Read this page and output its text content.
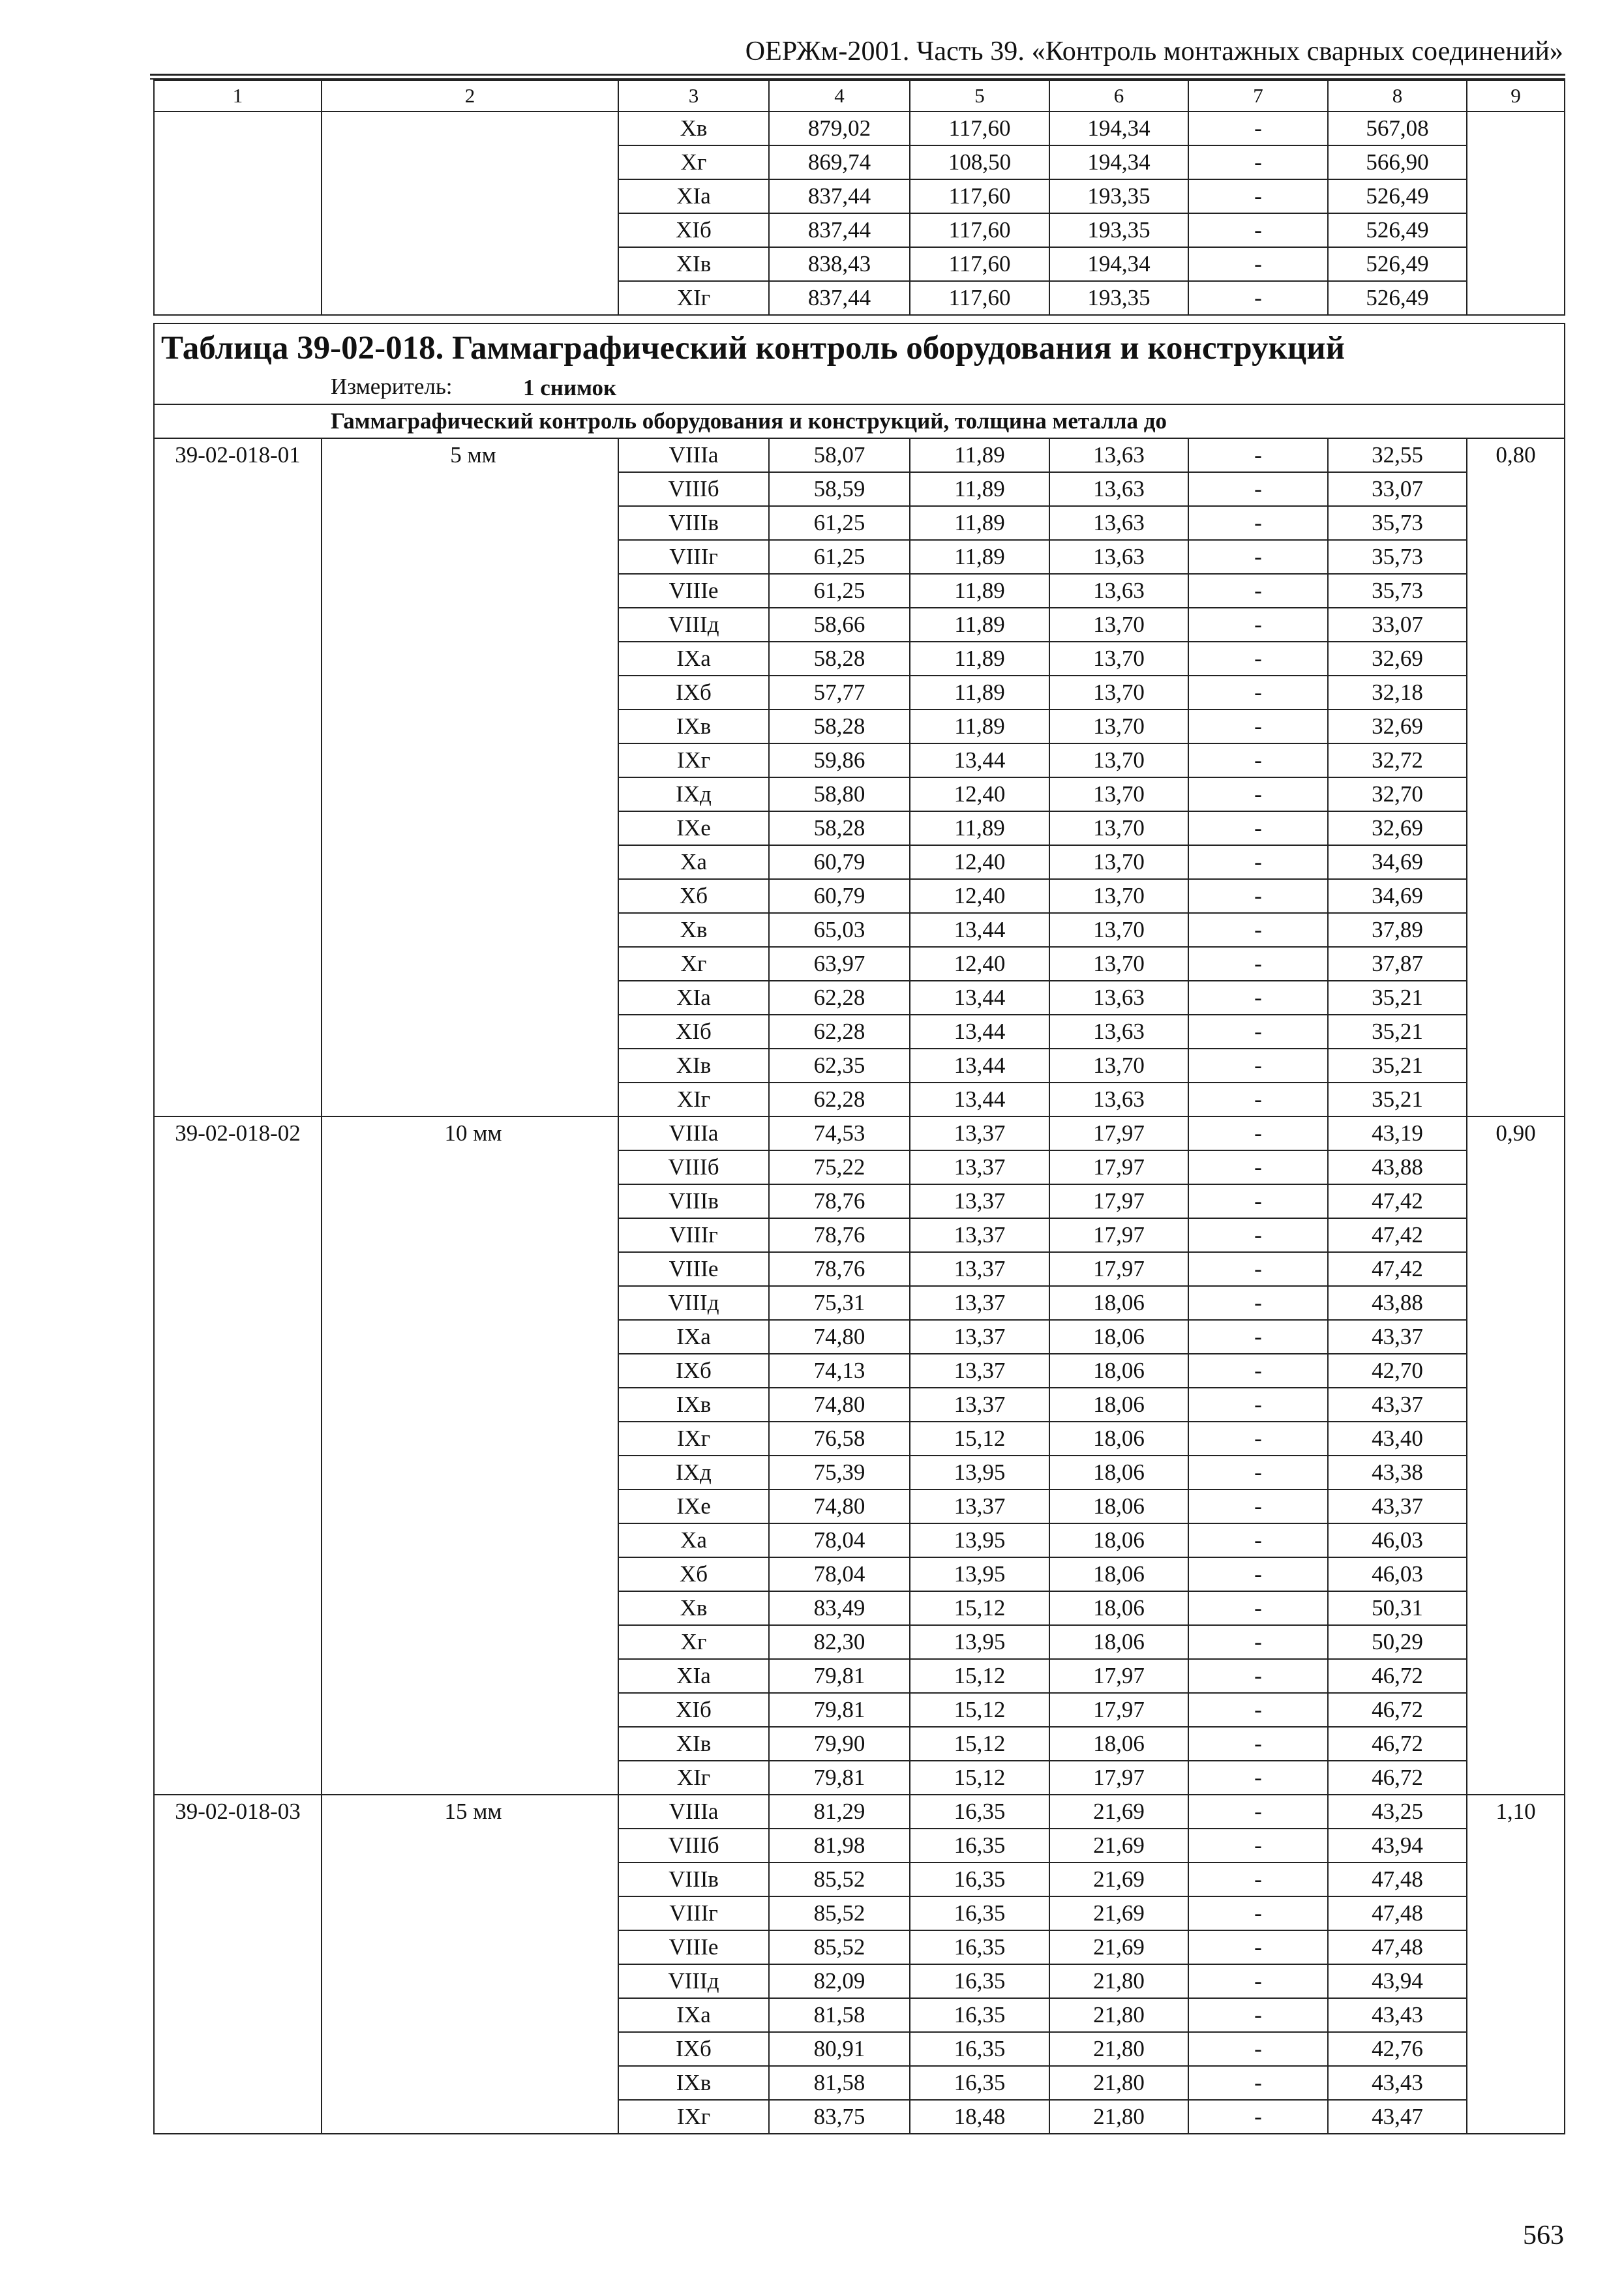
ОЕРЖм-2001. Часть 39. «Контроль монтажных сварных соединений»
1	2	3	4	5	6	7	8	9
		Xв	879,02	117,60	194,34	-	567,08	
		Xг	869,74	108,50	194,34	-	566,90	
		XIа	837,44	117,60	193,35	-	526,49	
		XIб	837,44	117,60	193,35	-	526,49	
		XIв	838,43	117,60	194,34	-	526,49	
		XIг	837,44	117,60	193,35	-	526,49	
Таблица 39-02-018. Гаммаграфический контроль оборудования и конструкций
Измеритель: 1 снимок								

Гаммаграфический контроль оборудования и конструкций, толщина металла до								
39-02-018-01	5 мм	VIIIа	58,07	11,89	13,63	-	32,55	0,80
		VIIIб	58,59	11,89	13,63	-	33,07	
		VIIIв	61,25	11,89	13,63	-	35,73	
		VIIIг	61,25	11,89	13,63	-	35,73	
		VIIIе	61,25	11,89	13,63	-	35,73	
		VIIIд	58,66	11,89	13,70	-	33,07	
		IXа	58,28	11,89	13,70	-	32,69	
		IXб	57,77	11,89	13,70	-	32,18	
		IXв	58,28	11,89	13,70	-	32,69	
		IXг	59,86	13,44	13,70	-	32,72	
		IXд	58,80	12,40	13,70	-	32,70	
		IXе	58,28	11,89	13,70	-	32,69	
		Xа	60,79	12,40	13,70	-	34,69	
		Xб	60,79	12,40	13,70	-	34,69	
		Xв	65,03	13,44	13,70	-	37,89	
		Xг	63,97	12,40	13,70	-	37,87	
		XIа	62,28	13,44	13,63	-	35,21	
		XIб	62,28	13,44	13,63	-	35,21	
		XIв	62,35	13,44	13,70	-	35,21	
		XIг	62,28	13,44	13,63	-	35,21	
39-02-018-02	10 мм	VIIIа	74,53	13,37	17,97	-	43,19	0,90
		VIIIб	75,22	13,37	17,97	-	43,88	
		VIIIв	78,76	13,37	17,97	-	47,42	
		VIIIг	78,76	13,37	17,97	-	47,42	
		VIIIе	78,76	13,37	17,97	-	47,42	
		VIIIд	75,31	13,37	18,06	-	43,88	
		IXа	74,80	13,37	18,06	-	43,37	
		IXб	74,13	13,37	18,06	-	42,70	
		IXв	74,80	13,37	18,06	-	43,37	
		IXг	76,58	15,12	18,06	-	43,40	
		IXд	75,39	13,95	18,06	-	43,38	
		IXе	74,80	13,37	18,06	-	43,37	
		Xа	78,04	13,95	18,06	-	46,03	
		Xб	78,04	13,95	18,06	-	46,03	
		Xв	83,49	15,12	18,06	-	50,31	
		Xг	82,30	13,95	18,06	-	50,29	
		XIа	79,81	15,12	17,97	-	46,72	
		XIб	79,81	15,12	17,97	-	46,72	
		XIв	79,90	15,12	18,06	-	46,72	
		XIг	79,81	15,12	17,97	-	46,72	
39-02-018-03	15 мм	VIIIа	81,29	16,35	21,69	-	43,25	1,10
		VIIIб	81,98	16,35	21,69	-	43,94	
		VIIIв	85,52	16,35	21,69	-	47,48	
		VIIIг	85,52	16,35	21,69	-	47,48	
		VIIIе	85,52	16,35	21,69	-	47,48	
		VIIIд	82,09	16,35	21,80	-	43,94	
		IXа	81,58	16,35	21,80	-	43,43	
		IXб	80,91	16,35	21,80	-	42,76	
		IXв	81,58	16,35	21,80	-	43,43	
		IXг	83,75	18,48	21,80	-	43,47	
563
